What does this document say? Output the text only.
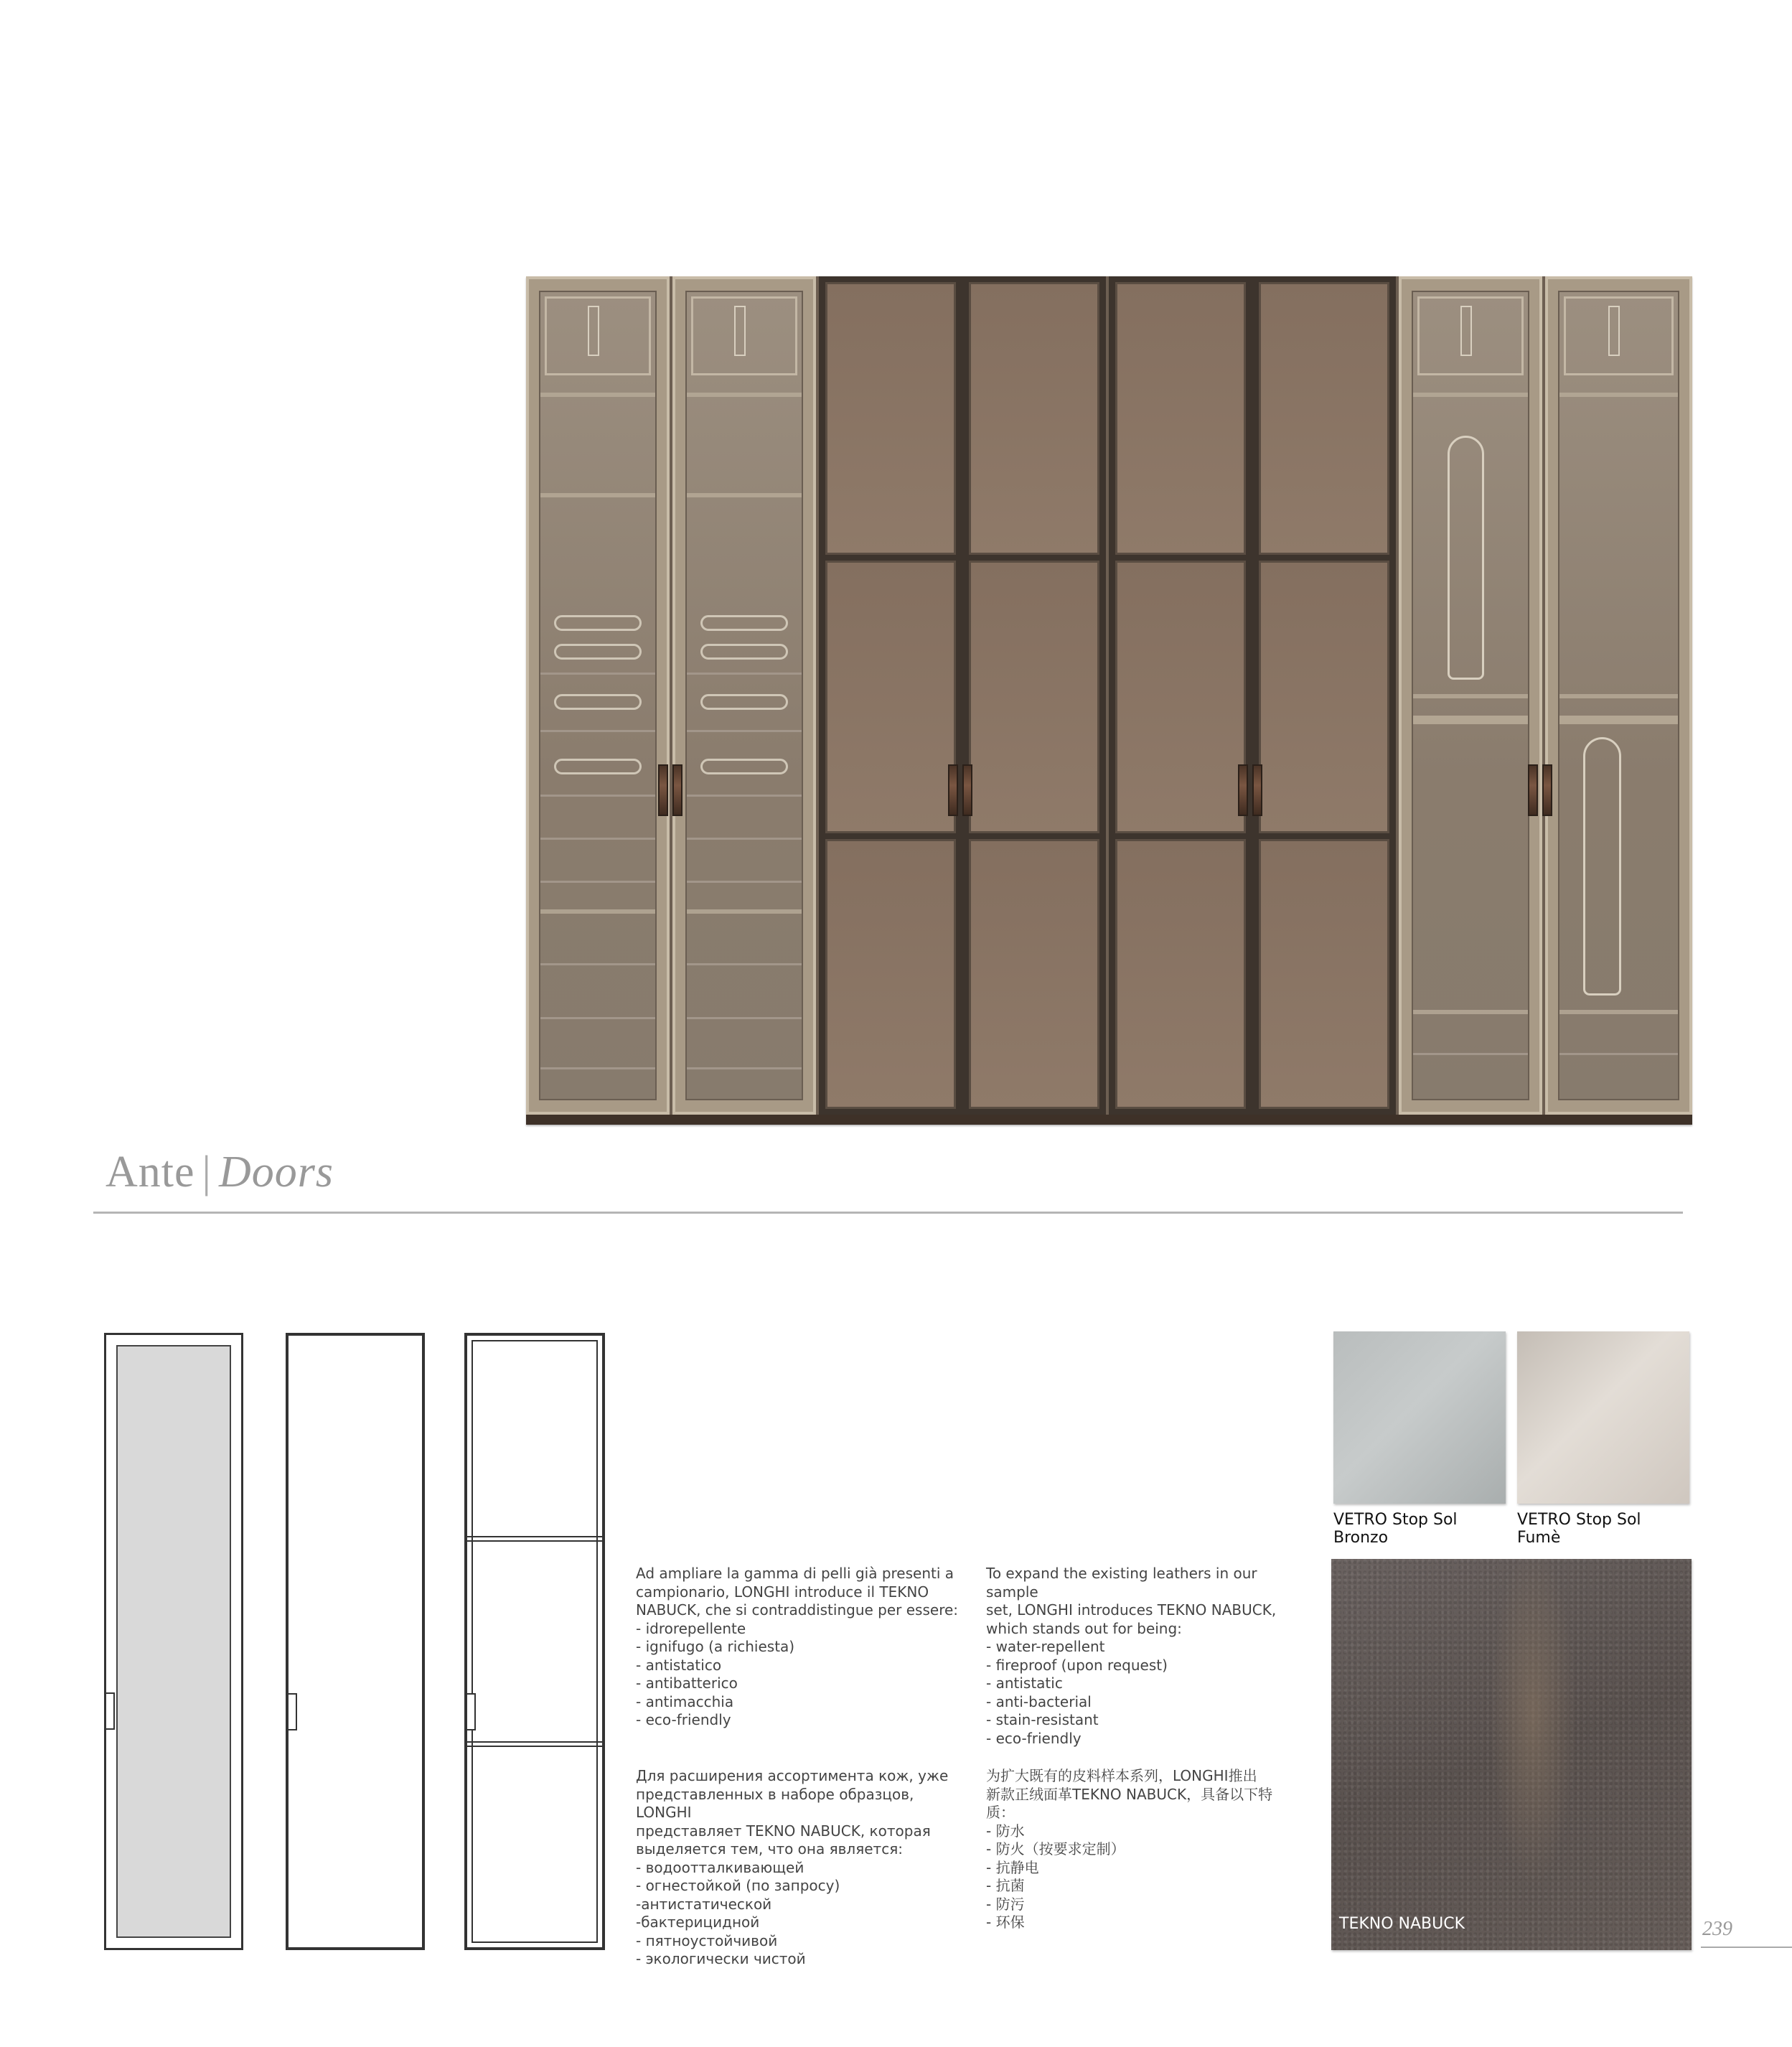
Ante | Doors
Ad ampliare la gamma di pelli già presenti a
campionario, LONGHI introduce il TEKNO
NABUCK, che si contraddistingue per essere:
- idrorepellente
- ignifugo (a richiesta)
- antistatico
- antibatterico
- antimacchia
- eco-friendly
To expand the existing leathers in our sample
set, LONGHI introduces TEKNO NABUCK,
which stands out for being:
- water-repellent
- fireproof (upon request)
- antistatic
- anti-bacterial
- stain-resistant
- eco-friendly
Для расширения ассортимента кож, уже
представленных в наборе образцов, LONGHI
представляет TEKNO NABUCK, которая
выделяется тем, что она является:
- водоотталкивающей
- огнестойкой (по запросу)
-антистатической
-бактерицидной
- пятноустойчивой
- экологически чистой
为扩大既有的皮料样本系列，LONGHI推出
新款正绒面革TEKNO NABUCK，具备以下特
质：
- 防水
- 防火（按要求定制）
- 抗静电
- 抗菌
- 防污
- 环保
VETRO Stop Sol
Bronzo
VETRO Stop Sol
Fumè
TEKNO NABUCK	239
